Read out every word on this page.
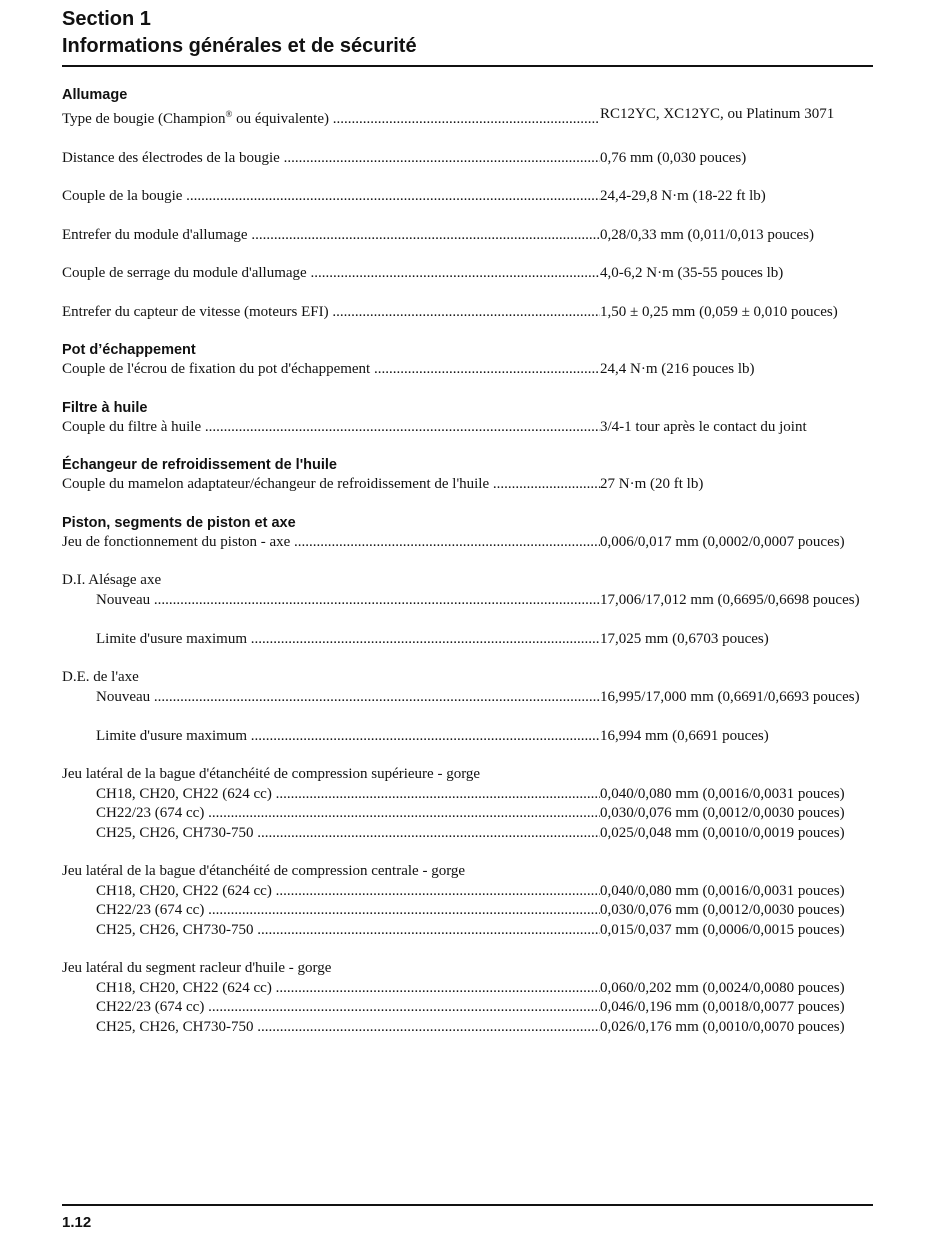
Section 1
Informations générales et de sécurité
Allumage
Type de bougie (Champion® ou équivalente) .....	RC12YC, XC12YC, ou Platinum 3071
Distance des électrodes de la bougie .....	0,76 mm (0,030 pouces)
Couple de la bougie .....	24,4-29,8 N·m (18-22 ft lb)
Entrefer du module d'allumage .....	0,28/0,33 mm (0,011/0,013 pouces)
Couple de serrage du module d'allumage .....	4,0-6,2 N·m (35-55 pouces lb)
Entrefer du capteur de vitesse (moteurs EFI) .....	1,50 ± 0,25 mm (0,059 ± 0,010 pouces)
Pot d’échappement
Couple de l'écrou de fixation du pot d'échappement .....	24,4 N·m (216 pouces lb)
Filtre à huile
Couple du filtre à huile .....	3/4-1 tour après le contact du joint
Échangeur de refroidissement de l'huile
Couple du mamelon adaptateur/échangeur de refroidissement de l'huile .....	27 N·m (20 ft lb)
Piston, segments de piston et axe
Jeu de fonctionnement du piston - axe .....	0,006/0,017 mm (0,0002/0,0007 pouces)
D.I. Alésage axe
Nouveau .....	17,006/17,012 mm (0,6695/0,6698 pouces)
Limite d'usure maximum .....	17,025 mm (0,6703 pouces)
D.E. de l'axe
Nouveau .....	16,995/17,000 mm (0,6691/0,6693 pouces)
Limite d'usure maximum .....	16,994 mm (0,6691 pouces)
Jeu latéral de la bague d'étanchéité de compression supérieure - gorge
CH18, CH20, CH22 (624 cc) .....	0,040/0,080 mm (0,0016/0,0031 pouces)
CH22/23 (674 cc) .....	0,030/0,076 mm (0,0012/0,0030 pouces)
CH25, CH26, CH730-750 .....	0,025/0,048 mm (0,0010/0,0019 pouces)
Jeu latéral de la bague d'étanchéité de compression centrale - gorge
CH18, CH20, CH22 (624 cc) .....	0,040/0,080 mm (0,0016/0,0031 pouces)
CH22/23 (674 cc) .....	0,030/0,076 mm (0,0012/0,0030 pouces)
CH25, CH26, CH730-750 .....	0,015/0,037 mm (0,0006/0,0015 pouces)
Jeu latéral du segment racleur d'huile - gorge
CH18, CH20, CH22 (624 cc) .....	0,060/0,202 mm (0,0024/0,0080 pouces)
CH22/23 (674 cc) .....	0,046/0,196 mm (0,0018/0,0077 pouces)
CH25, CH26, CH730-750 .....	0,026/0,176 mm (0,0010/0,0070 pouces)
1.12
